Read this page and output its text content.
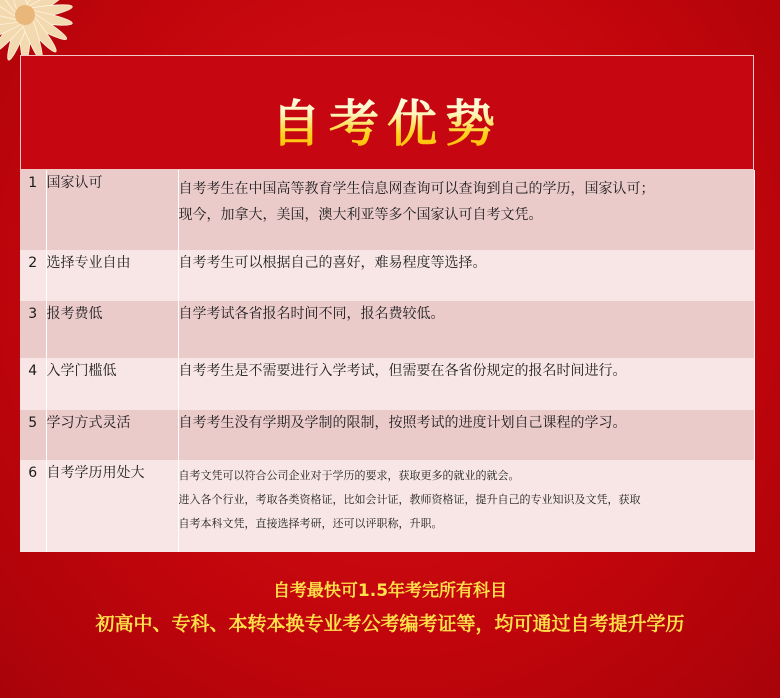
自考优势
1	国家认可	自考考生在中国高等教育学生信息网查询可以查询到自己的学历，国家认可；
现今，加拿大，美国，澳大利亚等多个国家认可自考文凭。

2	选择专业自由	自考考生可以根据自己的喜好，难易程度等选择。

3	报考费低	自学考试各省报名时间不同，报名费较低。

4	入学门槛低	自考考生是不需要进行入学考试，但需要在各省份规定的报名时间进行。

5	学习方式灵活	自考考生没有学期及学制的限制，按照考试的进度计划自己课程的学习。

6	自考学历用处大	自考文凭可以符合公司企业对于学历的要求，获取更多的就业的就会。
进入各个行业，考取各类资格证，比如会计证，教师资格证，提升自己的专业知识及文凭，获取
自考本科文凭，直接选择考研，还可以评职称，升职。
自考最快可1.5年考完所有科目
初高中、专科、本转本换专业考公考编考证等，均可通过自考提升学历
